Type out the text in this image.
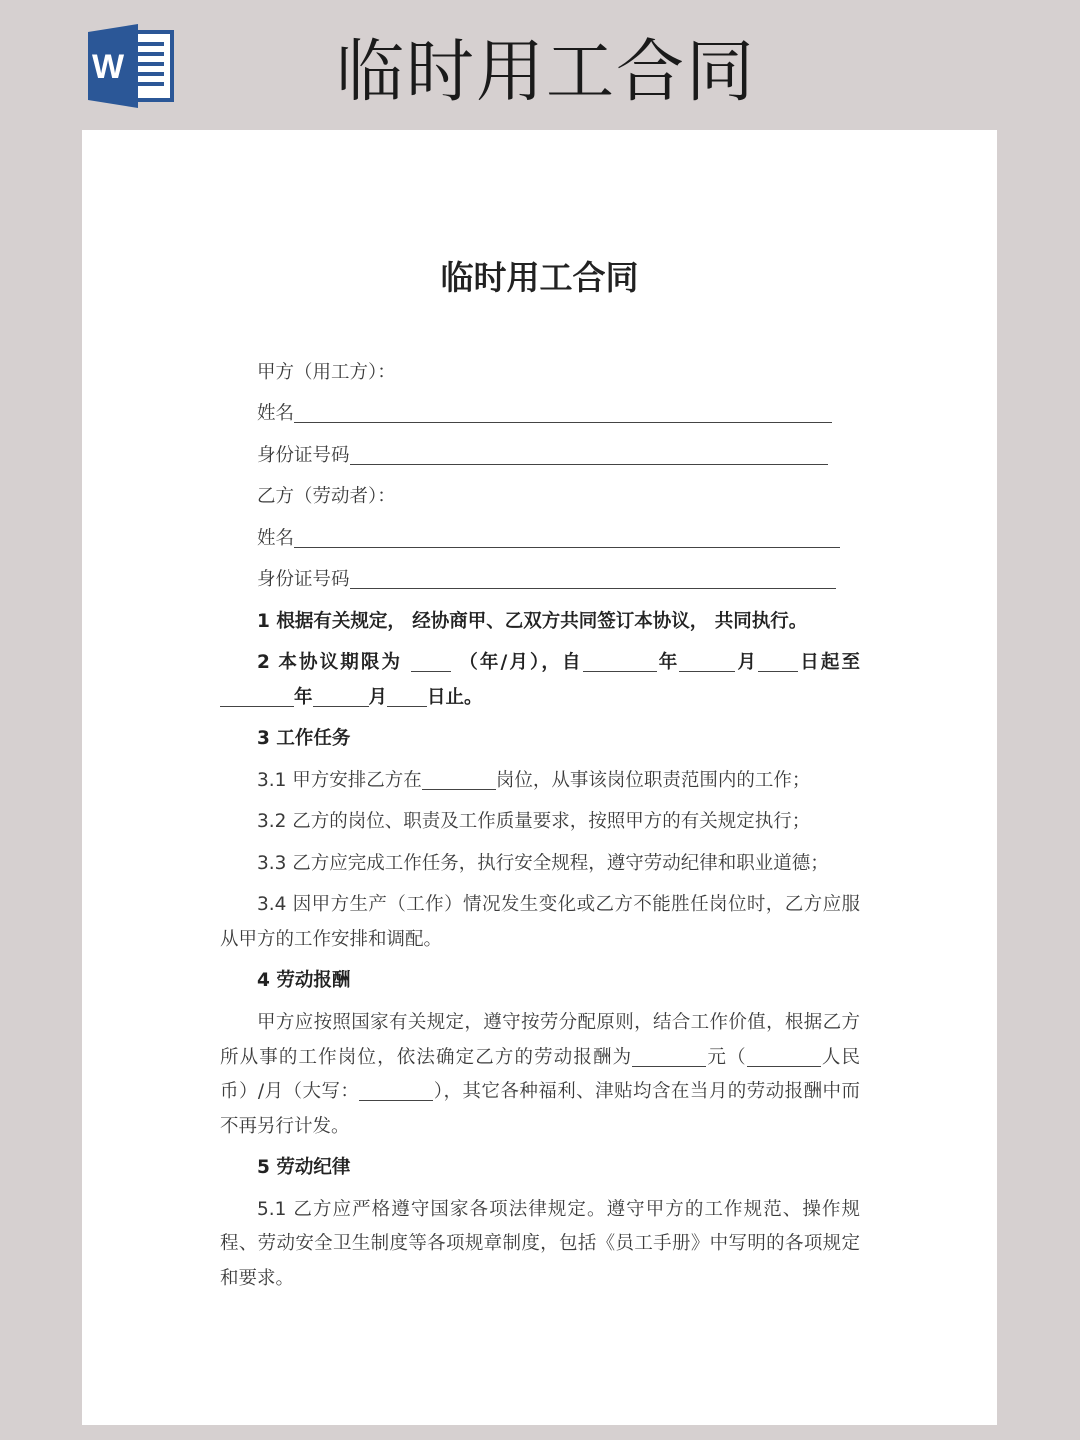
W	临时用工合同
临时用工合同

甲方（用工方）：

姓名

身份证号码

乙方（劳动者）：

姓名

身份证号码

1 根据有关规定， 经协商甲、乙双方共同签订本协议， 共同执行。

2 本协议期限为  （年/月），自	年	月 日起至 年	月 日止。

3 工作任务

3.1 甲方安排乙方在	岗位，从事该岗位职责范围内的工作；

3.2 乙方的岗位、职责及工作质量要求，按照甲方的有关规定执行；

3.3 乙方应完成工作任务，执行安全规程，遵守劳动纪律和职业道德；

3.4 因甲方生产（工作）情况发生变化或乙方不能胜任岗位时，乙方应服从甲方的工作安排和调配。

4 劳动报酬

甲方应按照国家有关规定，遵守按劳分配原则，结合工作价值，根据乙方所从事的工作岗位，依法确定乙方的劳动报酬为	元（	人民币）/月（大写：	），其它各种福利、津贴均含在当月的劳动报酬中而不再另行计发。

5 劳动纪律

5.1 乙方应严格遵守国家各项法律规定。遵守甲方的工作规范、操作规程、劳动安全卫生制度等各项规章制度，包括《员工手册》中写明的各项规定和要求。
